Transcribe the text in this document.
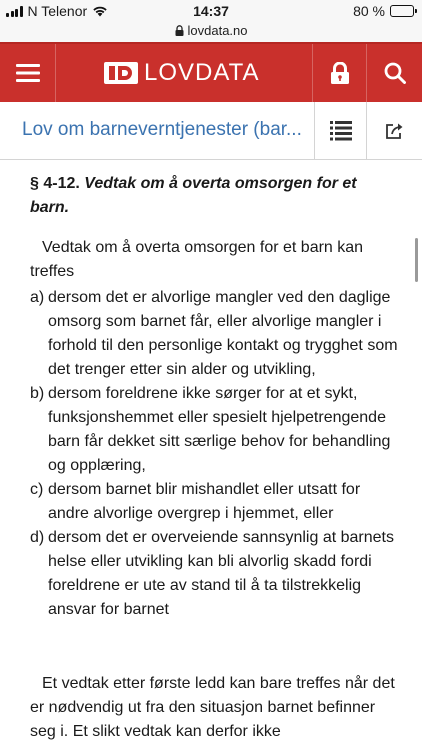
N Telenor	14:37	80 %
lovdata.no
LOVDATA
Lov om barneverntjenester (bar...
§ 4-12. Vedtak om å overta omsorgen for et barn.

Vedtak om å overta omsorgen for et barn kan treffes

a) dersom det er alvorlige mangler ved den daglige omsorg som barnet får, eller alvorlige mangler i forhold til den personlige kontakt og trygghet som det trenger etter sin alder og utvikling,
b) dersom foreldrene ikke sørger for at et sykt, funksjonshemmet eller spesielt hjelpetrengende barn får dekket sitt særlige behov for behandling og opplæring,
c) dersom barnet blir mishandlet eller utsatt for andre alvorlige overgrep i hjemmet, eller
d) dersom det er overveiende sannsynlig at barnets helse eller utvikling kan bli alvorlig skadd fordi foreldrene er ute av stand til å ta tilstrekkelig ansvar for barnet

Et vedtak etter første ledd kan bare treffes når det er nødvendig ut fra den situasjon barnet befinner seg i. Et slikt vedtak kan derfor ikke
